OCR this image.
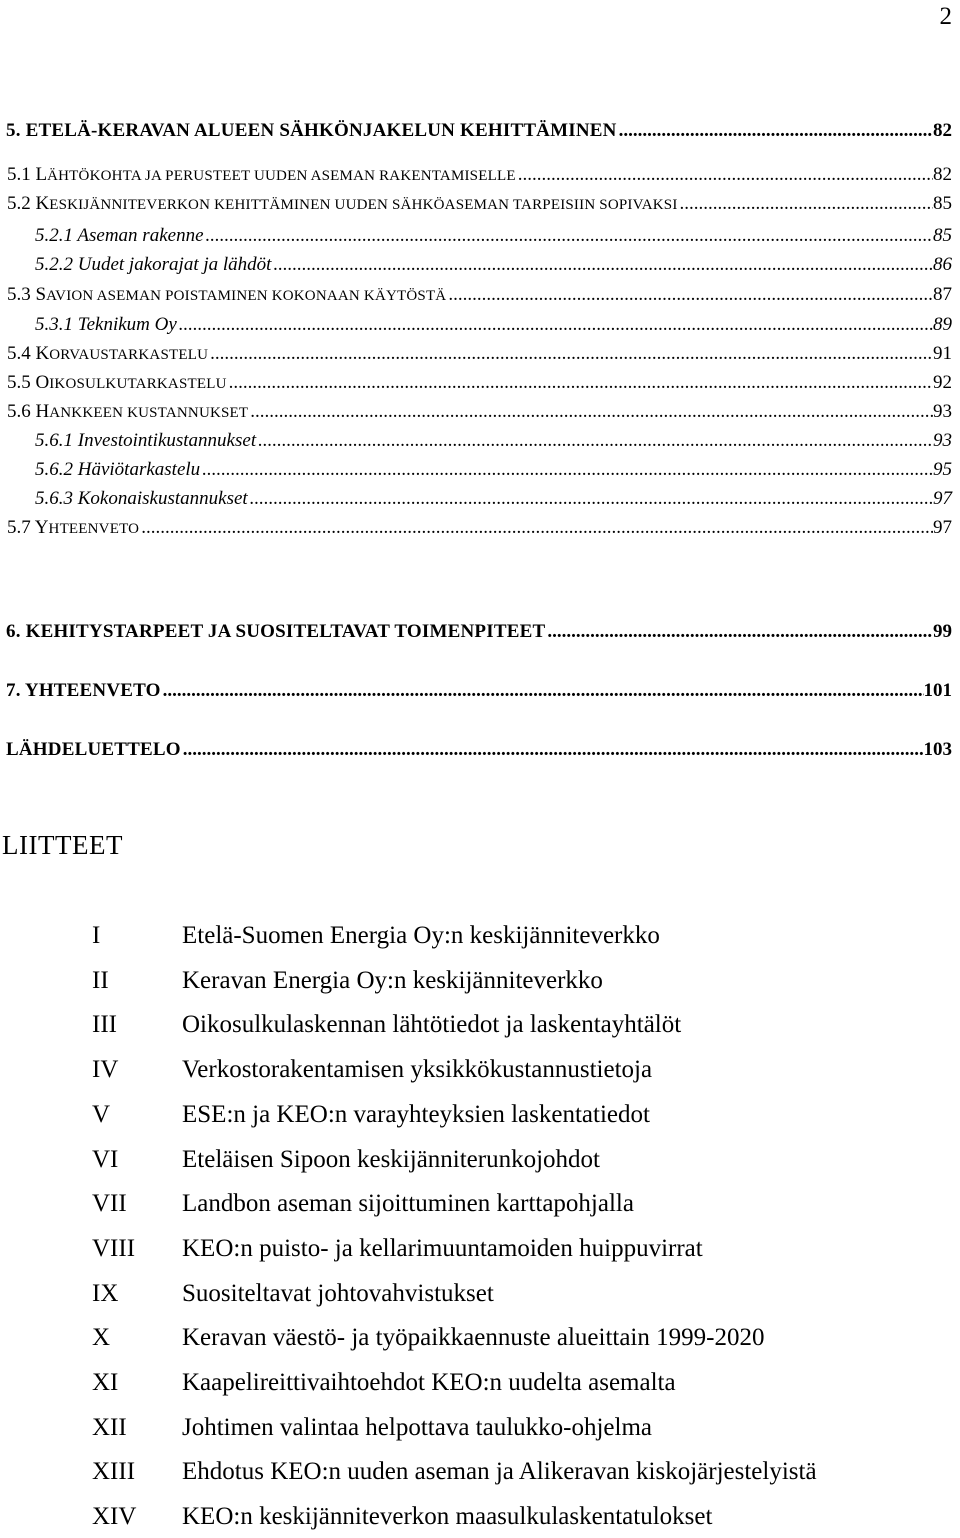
2
5. ETELÄ-KERAVAN ALUEEN SÄHKÖNJAKELUN KEHITTÄMINEN .....	82
5.1 LÄHTÖKOHTA JA PERUSTEET UUDEN ASEMAN RAKENTAMISELLE .....	82
5.2 KESKIJÄNNITEVERKON KEHITTÄMINEN UUDEN SÄHKÖASEMAN TARPEISIIN SOPIVAKSI .....	85
5.2.1 Aseman rakenne .....	85
5.2.2 Uudet jakorajat ja lähdöt .....	86
5.3 SAVION ASEMAN POISTAMINEN KOKONAAN KÄYTÖSTÄ .....	87
5.3.1 Teknikum Oy .....	89
5.4 KORVAUSTARKASTELU .....	91
5.5 OIKOSULKUTARKASTELU .....	92
5.6 HANKKEEN KUSTANNUKSET .....	93
5.6.1 Investointikustannukset .....	93
5.6.2 Häviötarkastelu .....	95
5.6.3 Kokonaiskustannukset .....	97
5.7 YHTEENVETO .....	97
6. KEHITYSTARPEET JA SUOSITELTAVAT TOIMENPITEET .....	99
7. YHTEENVETO .....	101
LÄHDELUETTELO .....	103
LIITTEET
I	Etelä-Suomen Energia Oy:n keskijänniteverkko
II	Keravan Energia Oy:n keskijänniteverkko
III	Oikosulkulaskennan lähtötiedot ja laskentayhtälöt
IV	Verkostorakentamisen yksikkökustannustietoja
V	ESE:n ja KEO:n varayhteyksien laskentatiedot
VI	Eteläisen Sipoon keskijänniterunkojohdot
VII Landbon aseman sijoittuminen karttapohjalla
VIII KEO:n puisto- ja kellarimuuntamoiden huippuvirrat
IX	Suositeltavat johtovahvistukset
X	Keravan väestö- ja työpaikkaennuste alueittain 1999-2020
XI	Kaapelireittivaihtoehdot KEO:n uudelta asemalta
XII Johtimen valintaa helpottava taulukko-ohjelma
XIII Ehdotus KEO:n uuden aseman ja Alikeravan kiskojärjestelyistä
XIV KEO:n keskijänniteverkon maasulkulaskentatulokset
